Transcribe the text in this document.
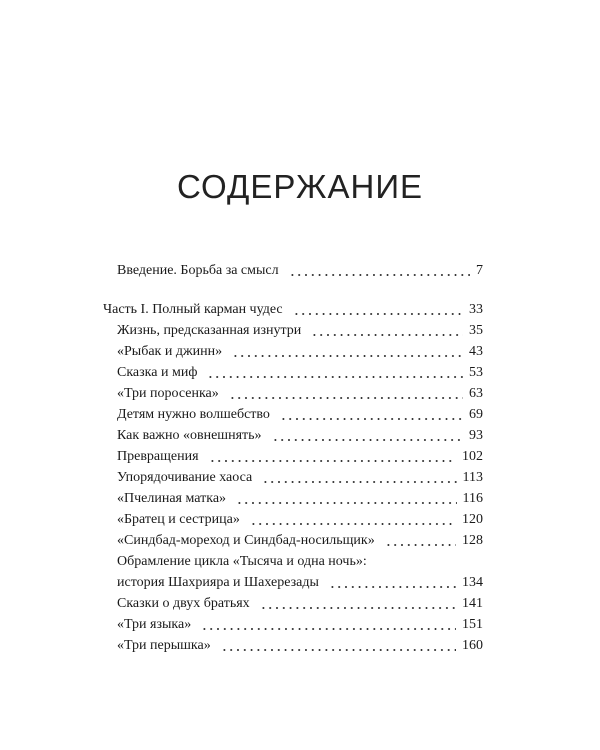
СОДЕРЖАНИЕ
Введение. Борьба за смысл	7
Часть I. Полный карман чудес	33
Жизнь, предсказанная изнутри	35
«Рыбак и джинн»	43
Сказка и миф	53
«Три поросенка»	63
Детям нужно волшебство	69
Как важно «овнешнять»	93
Превращения	102
Упорядочивание хаоса	113
«Пчелиная матка»	116
«Братец и сестрица»	120
«Синдбад-мореход и Синдбад-носильщик»	128
Обрамление цикла «Тысяча и одна ночь»:
история Шахрияра и Шахерезады	134
Сказки о двух братьях	141
«Три языка»	151
«Три перышка»	160
